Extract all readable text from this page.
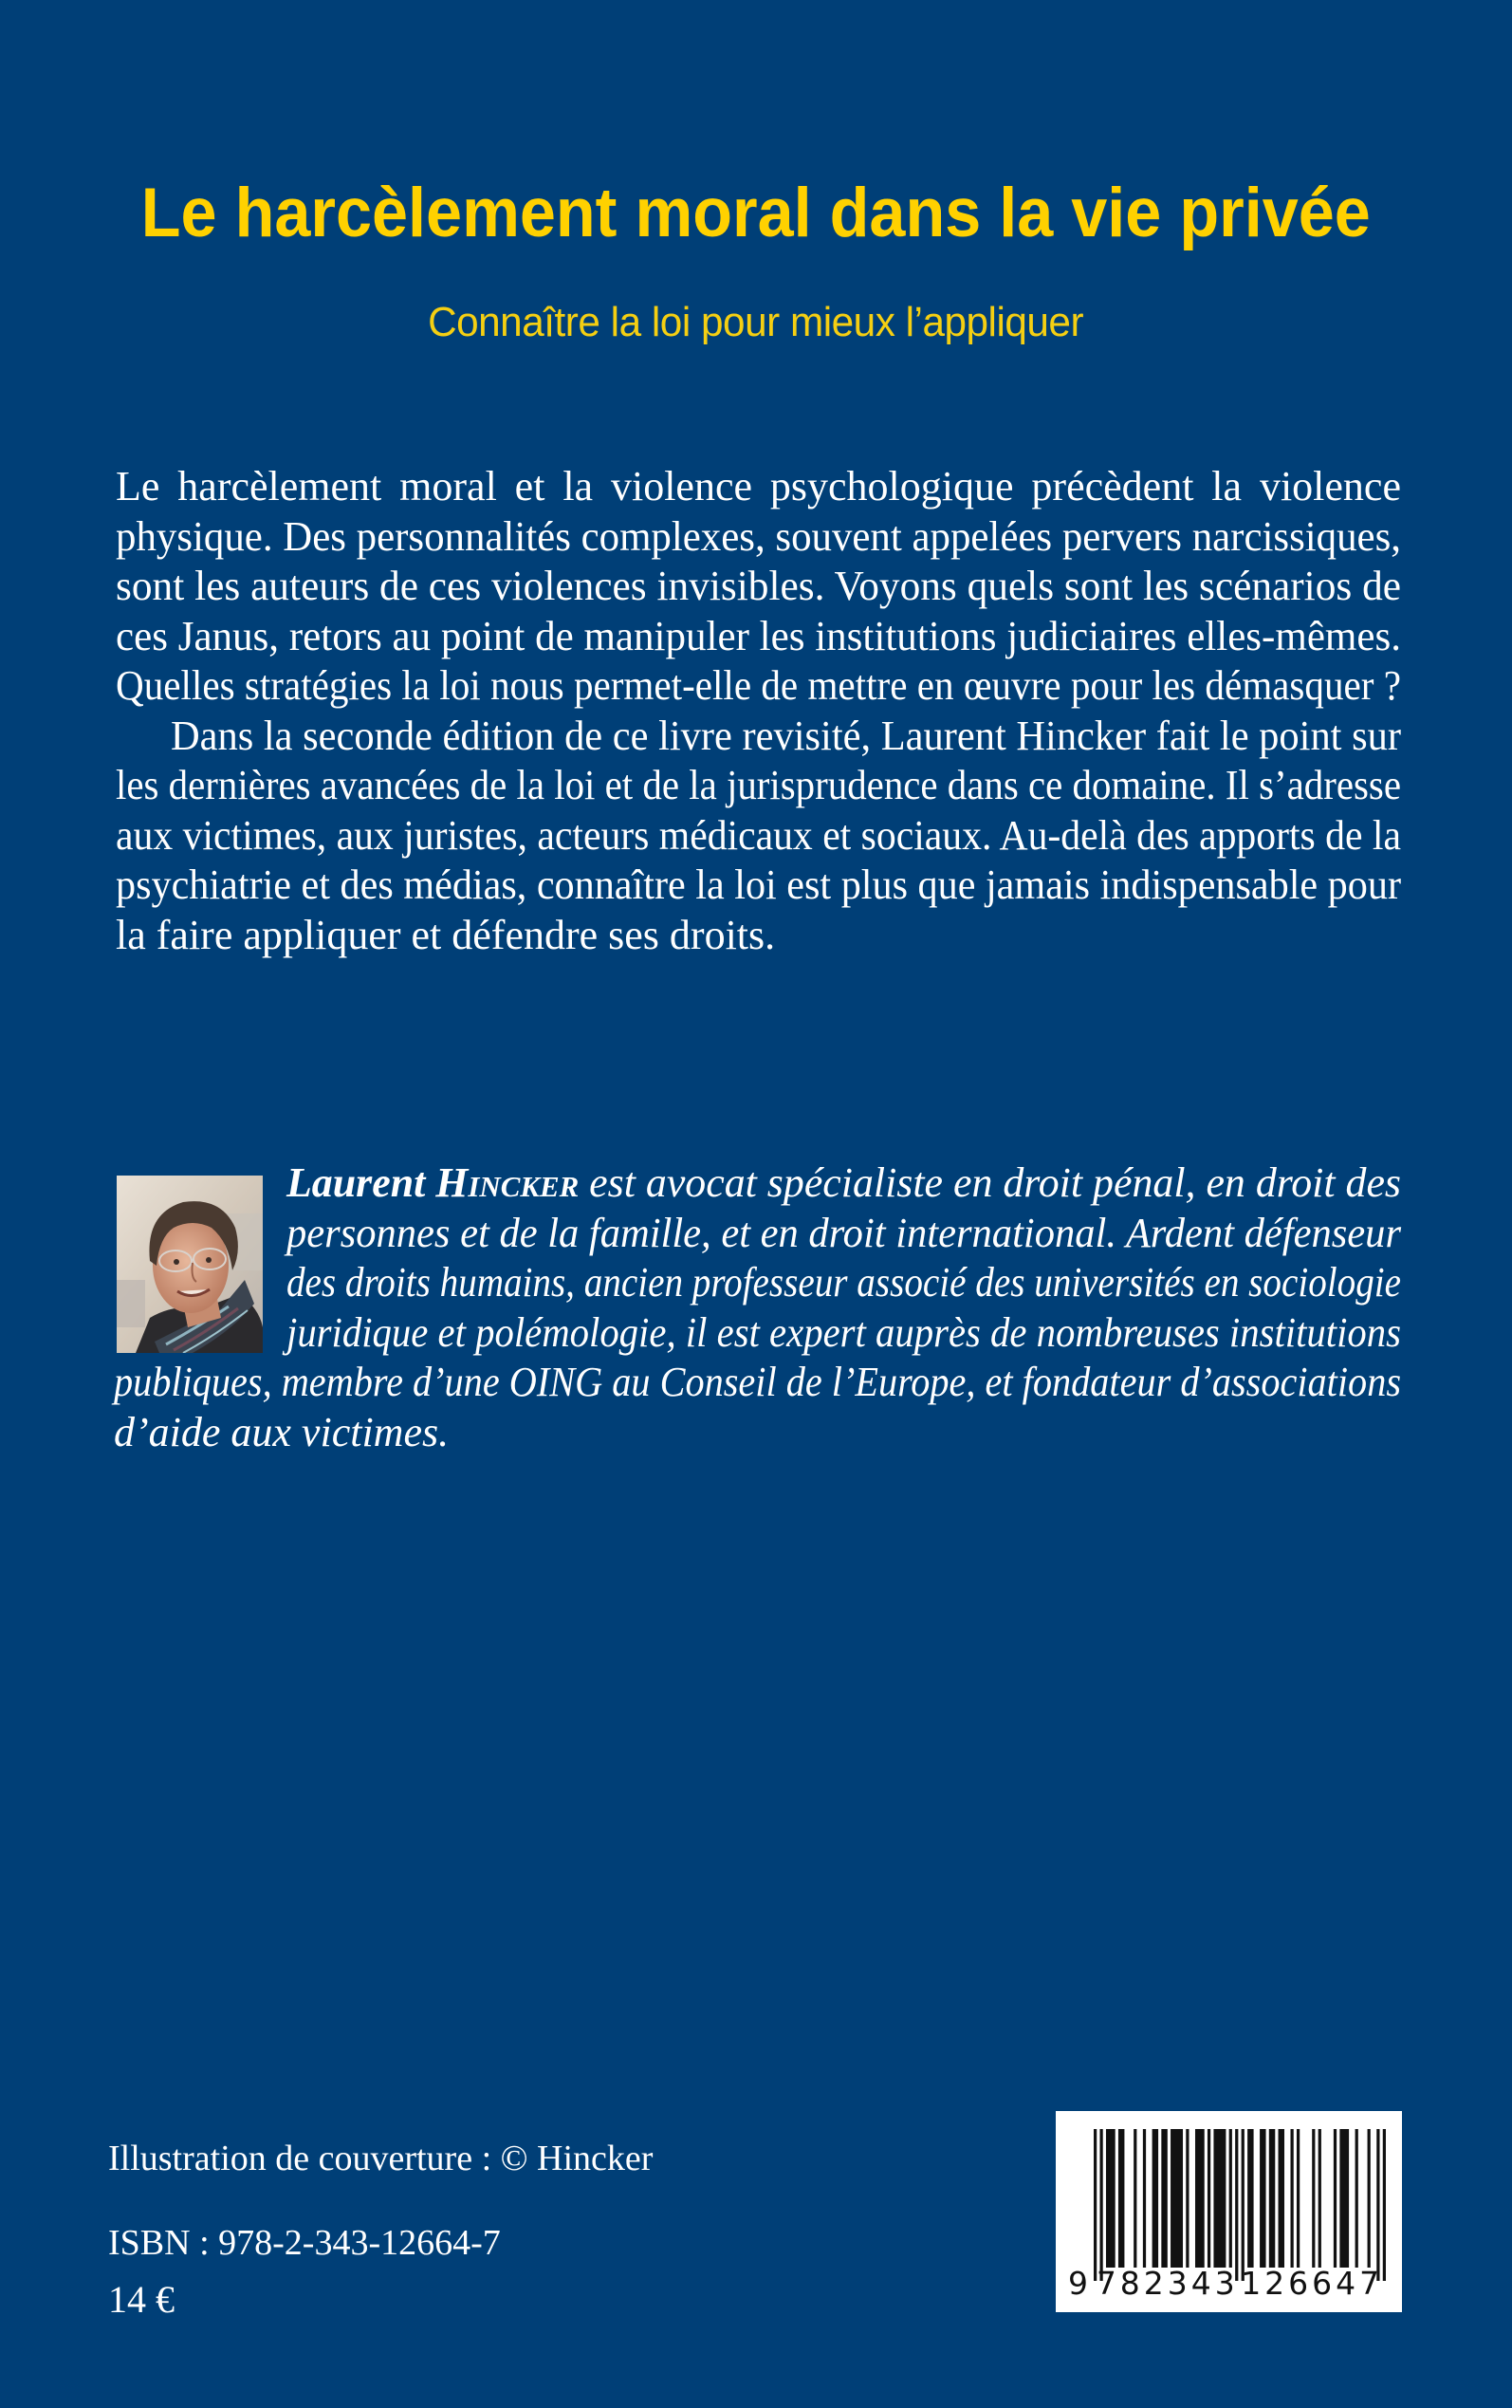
Le harcèlement moral dans la vie privée
Connaître la loi pour mieux l’appliquer
Le harcèlement moral et la violence psychologique précèdent la violence
physique. Des personnalités complexes, souvent appelées pervers narcissiques,
sont les auteurs de ces violences invisibles. Voyons quels sont les scénarios de
ces Janus, retors au point de manipuler les institutions judiciaires elles-mêmes.
Quelles stratégies la loi nous permet-elle de mettre en œuvre pour les démasquer ?
Dans la seconde édition de ce livre revisité, Laurent Hincker fait le point sur
les dernières avancées de la loi et de la jurisprudence dans ce domaine. Il s’adresse
aux victimes, aux juristes, acteurs médicaux et sociaux. Au-delà des apports de la
psychiatrie et des médias, connaître la loi est plus que jamais indispensable pour
la faire appliquer et défendre ses droits.
Laurent Hincker est avocat spécialiste en droit pénal, en droit des
personnes et de la famille, et en droit international. Ardent défenseur
des droits humains, ancien professeur associé des universités en sociologie
juridique et polémologie, il est expert auprès de nombreuses institutions
publiques, membre d’une OING au Conseil de l’Europe, et fondateur d’associations
d’aide aux victimes.
Illustration de couverture : © Hincker
ISBN : 978-2-343-12664-7
14 €	9 782343 126647
